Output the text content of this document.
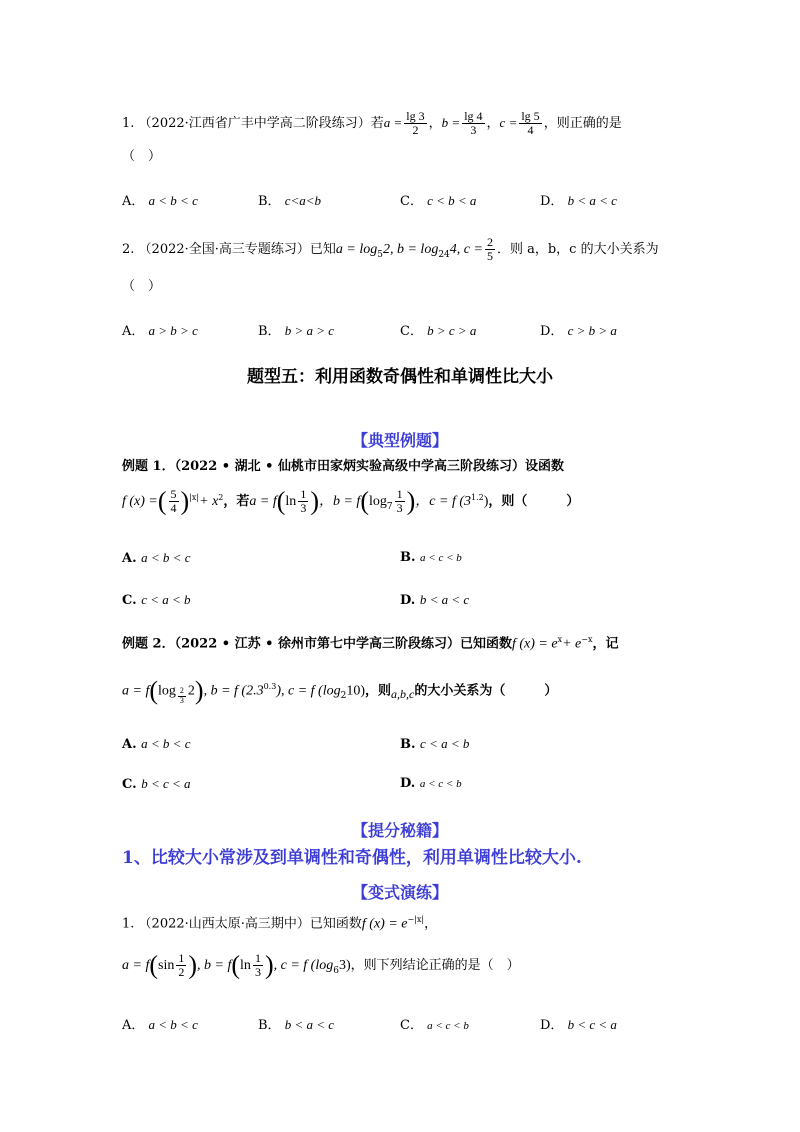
1. （2022·江西省广丰中学高二阶段练习）若$a = \frac{\lg 3}{2}$ ，$b = \frac{\lg 4}{3}$ ，$c = \frac{\lg 5}{4}$ ，则正确的是
（　）
A． a < b < c	B． c<a<b	C． c < b < a	D． b < a < c
2. （2022·全国·高三专题练习）已知$a = \log_52$, $b = \log_{24}4$, $c = \frac{2}{5}$ ．则 a，b，c 的大小关系为
（　）
A． a > b > c	B． b > a > c	C． b > c > a	D． c > b > a
题型五：利用函数奇偶性和单调性比大小
【典型例题】
例题 1．（2022 • 湖北 • 仙桃市田家炳实验高级中学高三阶段练习）设函数
f (x) =( $\frac{5}{4} )^{|x|}+ x^2$，若$a = f(\ln \frac{1}{3}$ )，$b = f(\log_7 \frac{1}{3}$ )，c = f $(3^{1.2})$，则（　　　）
A. a < b < c	B. a < c < b
C. c < a < b	D. b < a < c
例题 2．（2022 • 江苏 • 徐州市第七中学高三阶段练习）已知函数f $(x) = e^x+ e^{-x}$，记
a = f(log $_{\frac{2}{3}}$ 2), b = f $(2.3^{0.3})$, c = f $(\log_210)$，则$_{a,b,c}$的大小关系为（　　　）
A. a < b < c	B. c < a < b
C. b < c < a	D. a < c < b
【提分秘籍】
1、比较大小常涉及到单调性和奇偶性，利用单调性比较大小.
【变式演练】
1. （2022·山西太原·高三期中）已知函数f $(x) = e^{-|x|}$，
$a = f(\sin \frac{1}{2}$ ), $b = f(\ln \frac{1}{3}$ ), c = f $(\log_63)$，则下列结论正确的是（　）
A． a < b < c	B． b < a < c	C． a < c < b	D． b < c < a
